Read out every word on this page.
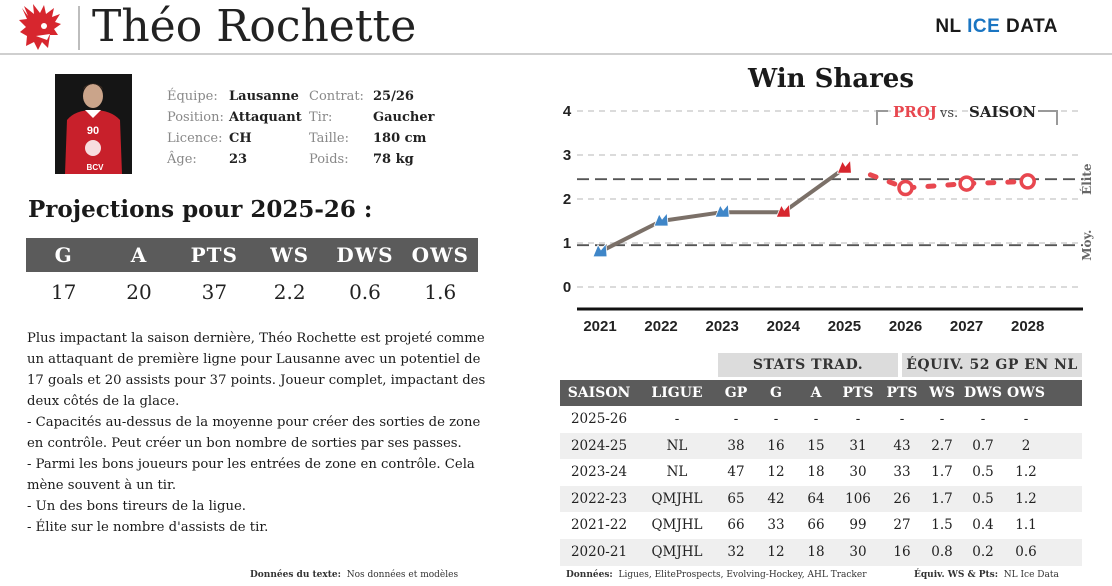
Théo Rochette	NL ICE DATA
90
BCV
Équipe: Lausanne Contrat: 25/26
Position: Attaquant Tir:	Gaucher
Licence: CH	Taille: 180 cm
Âge: 23	Poids: 78 kg
Projections pour 2025-26 :
G	A	PTS	WS	DWS OWS
17	20	37	2.2	0.6	1.6

Plus impactant la saison dernière, Théo Rochette est projeté comme un attaquant de première ligne pour Lausanne avec un potentiel de 17 goals et 20 assists pour 37 points. Joueur complet, impactant des deux côtés de la glace.

- Capacités au-dessus de la moyenne pour créer des sorties de zone en contrôle. Peut créer un bon nombre de sorties par ses passes.

- Parmi les bons joueurs pour les entrées de zone en contrôle. Cela mène souvent à un tir.

- Un des bons tireurs de la ligue.

- Élite sur le nombre d'assists de tir.

Données du texte: Nos données et modèles	Données: Ligues, EliteProspects, Evolving-Hockey, AHL Tracker	Équiv. WS & Pts: NL Ice Data
Win Shares
0
1
2
3
4
Élite
Moy.
2021 2022 2023 2024 2025 2026 2027 2028
PROJ vs. SAISON
STATS TRAD.	ÉQUIV. 52 GP EN NL
SAISON	LIGUE	GP	G	A	PTS PTS WS DWS OWS
2025-26	-	-	-	-	-	-	-	-	-
2024-25	NL	38	16	15	31	43	2.7	0.7	2
2023-24	NL	47	12	18	30	33	1.7	0.5	1.2
2022-23	QMJHL	65	42	64	106	26	1.7	0.5	1.2
2021-22	QMJHL	66	33	66	99	27	1.5	0.4	1.1
2020-21	QMJHL	32	12	18	30	16	0.8	0.2	0.6
